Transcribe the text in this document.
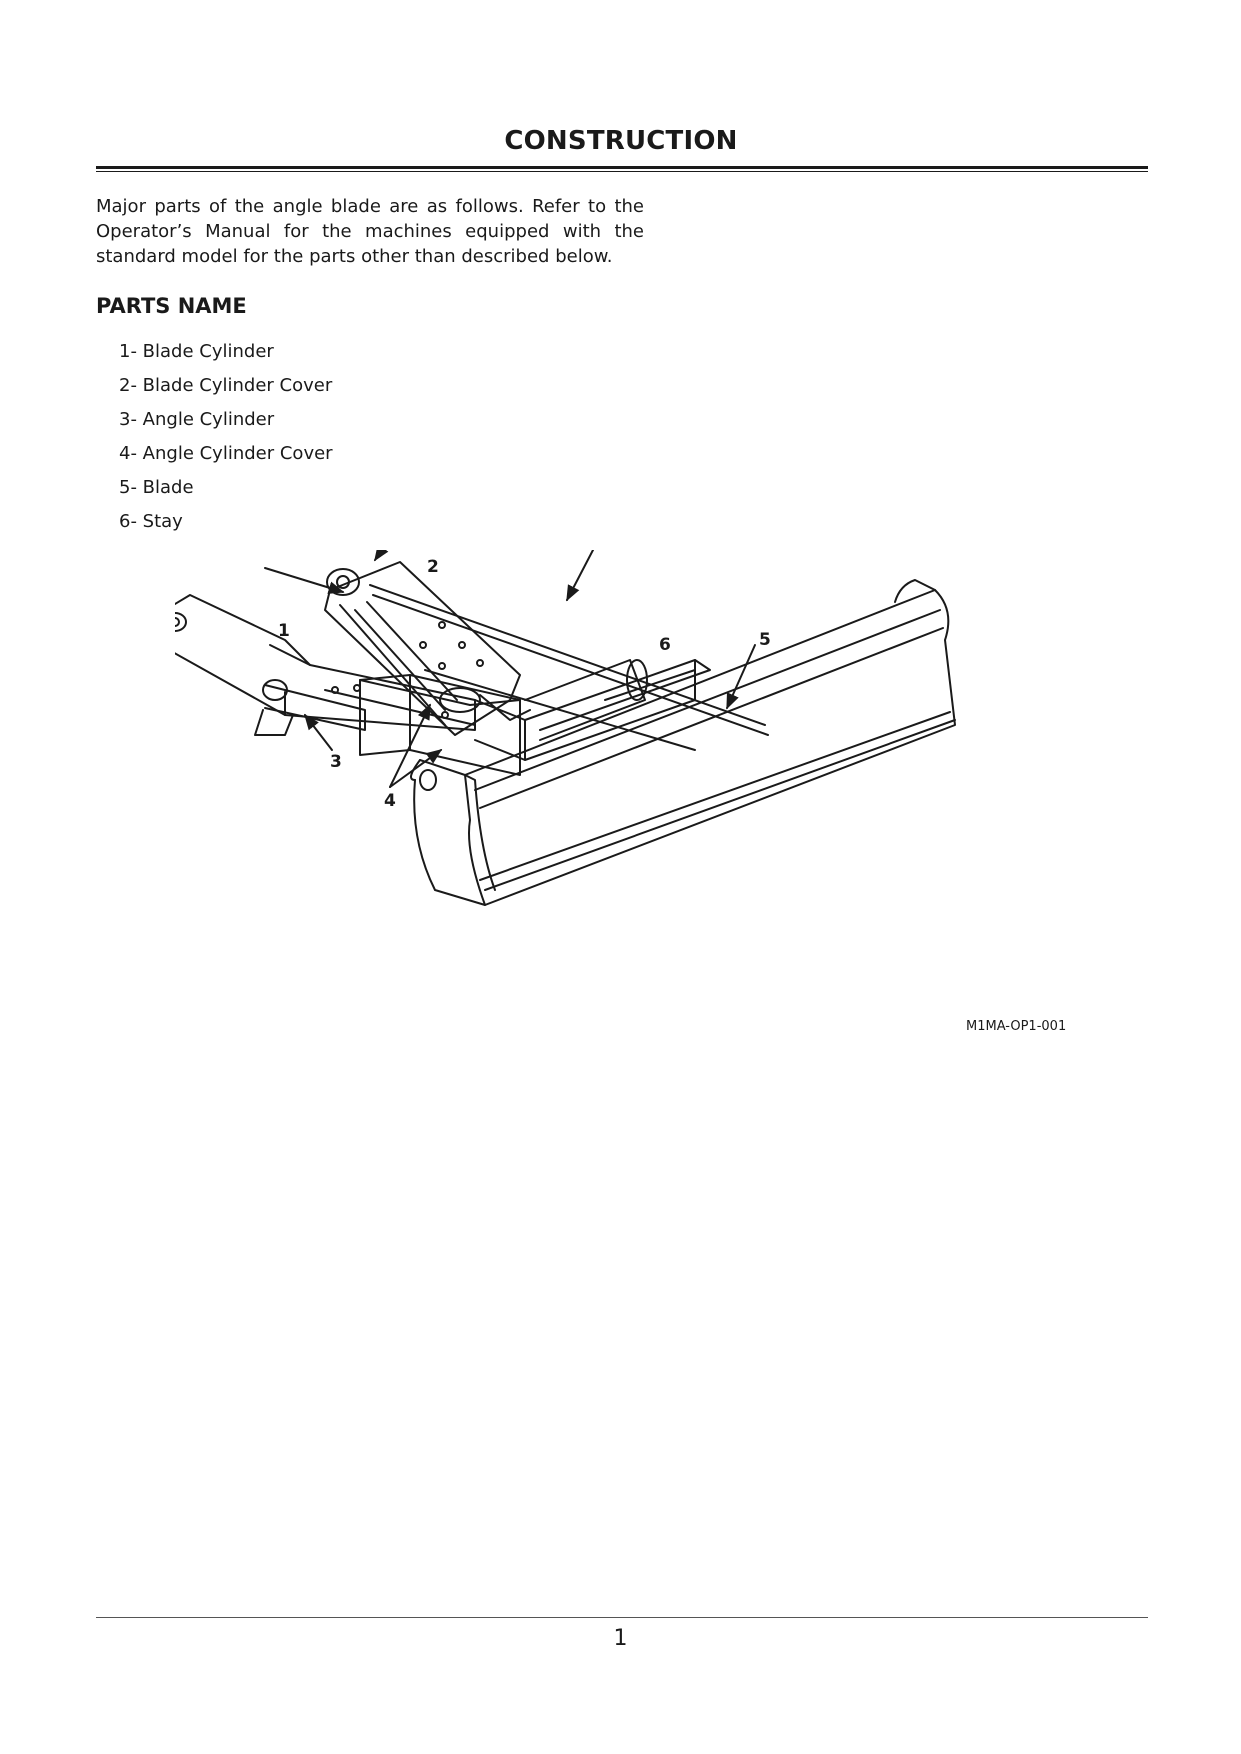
CONSTRUCTION

Major parts of the angle blade are as follows. Refer to the Operator’s Manual for the machines equipped with the standard model for the parts other than described below.

PARTS NAME
1- Blade Cylinder
2- Blade Cylinder Cover
3- Angle Cylinder
4- Angle Cylinder Cover
5- Blade
6- Stay
1
2
3
4
5
6
M1MA-OP1-001
1
